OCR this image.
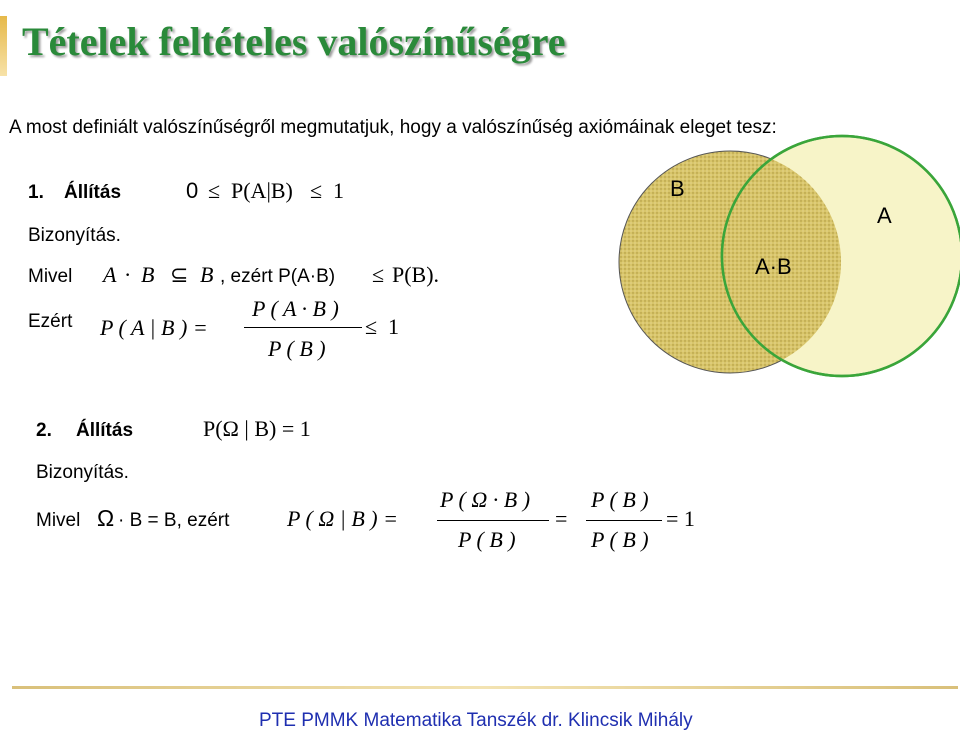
Tételek feltételes valószínűségre
A most definiált valószínűségről megmutatjuk, hogy a valószínűség axiómáinak eleget tesz:
1. Állítás	0 ≤ P(A|B) ≤ 1
Bizonyítás.
Mivel A · B ⊆ B , ezért P(A·B) ≤ P(B).
Ezért P ( A | B ) =
P ( A · B )
P ( B )
≤ 1
B
A
A·B
2. Állítás	P(Ω | B) = 1
Bizonyítás.
Mivel Ω · B = B, ezért	P ( Ω | B ) =
P ( Ω · B )
P ( B )
=
P ( B )
P ( B )
= 1
PTE PMMK Matematika Tanszék dr. Klincsik Mihály
